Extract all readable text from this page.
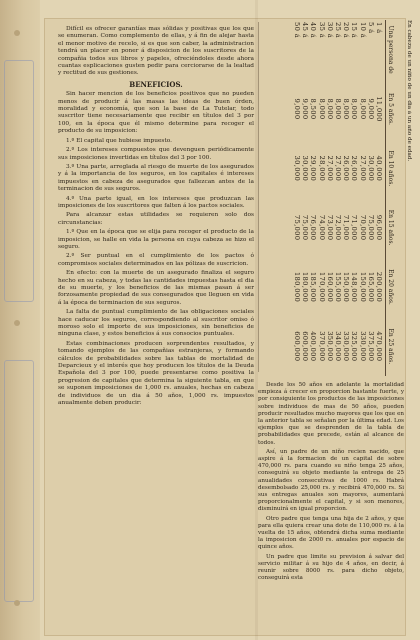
Difícil es ofrecer garantías mas sólidas y positivas que los que se enumeran. Como complemento de ellas, y á fin de alejar hasta el menor motivo de recelo, si es que son caber, la administracion tendrá un placer en poner á disposicion de los suscritores de la compañia todos sus libros y papeles, ofreciéndoles desde ahora cuantas esplicaciones gusten pedir para cerciorarse de la lealtad y rectitud de sus gestiones.

BENEFICIOS.

Sin hacer mencion de los beneficios positivos que no pueden menos de producir á las masas las ideas de buen órden, moralidad y economía, que son la base de La Tutelar, todo suscritor tiene necesariamente que recibir en títulos del 3 por 100, en la época que él mismo determine para recoger el producto de su imposicion:

1.º El capital que hubiese impuesto.

2.º Los intereses compuestos que devenguen periódicamente sus imposiciones invertidas en títulos del 3 por 100.

3.º Una parte, arreglada al riesgo de muerte de los asegurados y á la importancia de los seguros, en los capitales é intereses impuestos en cabeza de asegurados que fallezcan antes de la terminacion de sus seguros.

4.º Una parte igual, en los intereses que produzcan las imposiciones de los suscritores que falten á los pactos sociales.

Para alcanzar estas utilidades se requieren solo dos circunstancias:

1.º Que en la época que se elija para recoger el producto de la imposicion, se halle en vida la persona en cuya cabeza se hizo el seguro.

2.º Ser puntual en el cumplimiento de los pactos ó compromisos sociales determinados en las pólizas de suscricion.

En efecto: con la muerte de un asegurado finaliza el seguro hecho en su cabeza, y todas las cantidades impuestas hasta el dia de su muerte, y los beneficios de las mismas pasan á ser forzosamente propiedad de sus consegurados que lleguen en vida á la época de terminacion de sus seguros.

La falta de puntual cumplimiento de las obligaciones sociales hace caducar los seguros, correspondiendo al suscritor omiso ó moroso solo el importe de sus imposiciones, sin beneficios de ninguna clase, y estos beneficios á sus consocios puntuales.

Estas combinaciones producen sorprendentes resultados, y tomando ejemplos de las compañias estranjeras, y formando cálculos de probabilidades sobre las tablas de mortalidad de Deparcieux y el interés que hoy producen los títulos de la Deuda Española del 3 por 100, puede presentarse como positiva la progresion de capitales que determina la siguiente tabla, en que se suponen imposiciones de 1,000 rs. anuales, hechas en cabeza de individuos de un dia á 50 años, 1,000 rs. impuestos anualmente deben producir:

En cabeza de un niño de un dia á un año de edad.
Una persona de
1 á
5 á
10 á
15 á
20 á
25 á
30 á
35 á
40 á
45 á
50 á
En 5 años.
11,000
9,000
8,000
8,000
8,000
8,000
8,000
8,000
8,500
9,000
9,000
En 10 años.
40,000
30,000
27,000
26,000
26,000
27,000
27,000
28,000
29,000
30,000
30,000
En 15 años.
96,000
75,000
70,000
71,000
71,000
72,000
73,000
74,000
76,000
75,000
75,000
En 20 años.
200,000
165,000
150,000
148,000
150,000
155,000
160,000
170,000
185,000
180,000
180,000
En 25 años.
470,000
375,000
330,000
325,000
330,000
340,000
350,000
370,000
400,000
600,000
600,000

Desde los 50 años en adelante la mortalidad empieza á crecer en proporcion bastante fuerte, y por consiguiente los productos de las imposiciones sobre individuos de mas de 50 años, pueden producir resultados mucho mayores que los que en la anterior tabla se señalan por la última edad. Los ejemplos que se desprenden de la tabla de probabilidades que precede, están al alcance de todos.

Así, un padre de un niño recien nacido, que aspire á la formacion de un capital de sobre 470,000 rs. para cuando su niño tenga 25 años, conseguirá su objeto mediante la entrega de 25 anualidades consecutivas de 1000 rs. Habrá desembolsado 25,000 rs. y recibirá 470,000 rs. Si sus entregas anuales son mayores, aumentará proporcionalmente el capital, y si son menores, disminuirá en igual proporcion.

Otro padre que tenga una hija de 2 años, y que para ella quiera crear una dote de 110,000 rs. á la vuelta de 15 años, obtendrá dicha suma mediante la imposicion de 2000 rs. anuales por espacio de quince años.

Un padre que limite su prevision á salvar del servicio militar á su hijo de 4 años, en decir, á reunir sobre 8000 rs. para dicho objeto, conseguirá esta
